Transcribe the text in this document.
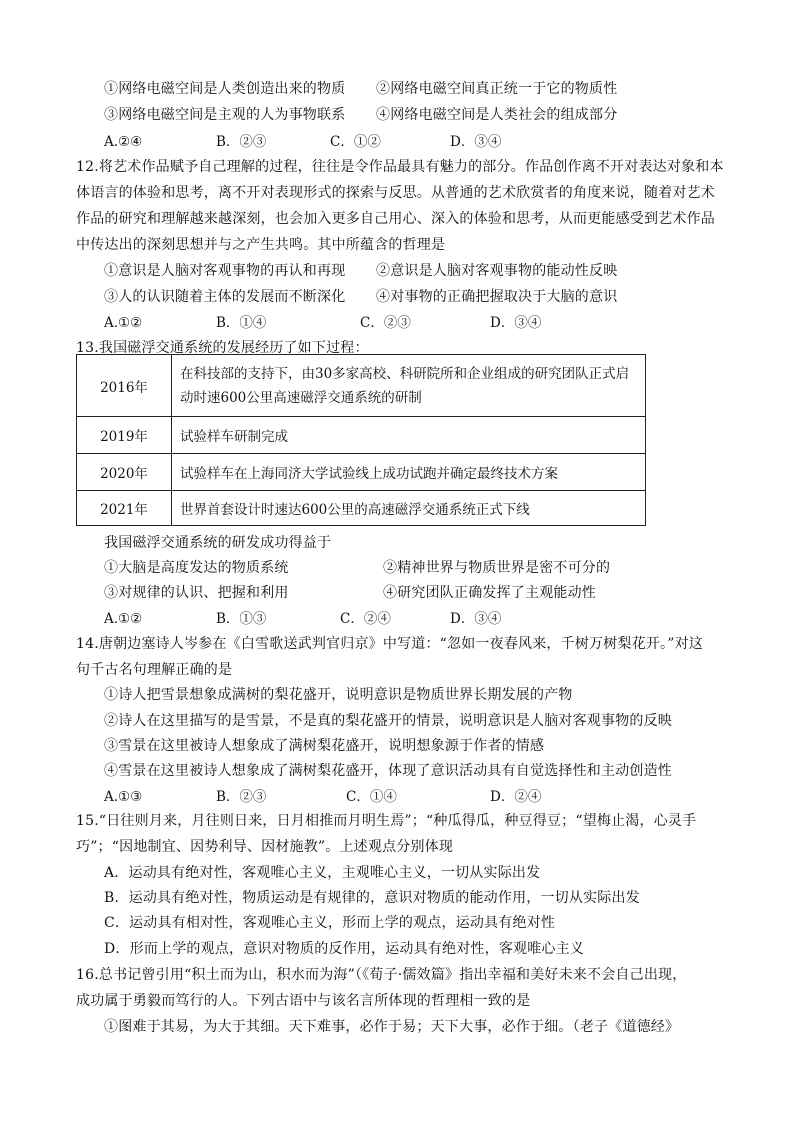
①网络电磁空间是人类创造出来的物质 ②网络电磁空间真正统一于它的物质性
③网络电磁空间是主观的人为事物联系 ④网络电磁空间是人类社会的组成部分
A.②④	B．②③	C．①②	D．③④
12.将艺术作品赋予自己理解的过程，往往是令作品最具有魅力的部分。作品创作离不开对表达对象和本
体语言的体验和思考，离不开对表现形式的探索与反思。从普通的艺术欣赏者的角度来说，随着对艺术
作品的研究和理解越来越深刻，也会加入更多自己用心、深入的体验和思考，从而更能感受到艺术作品
中传达出的深刻思想并与之产生共鸣。其中所蕴含的哲理是
①意识是人脑对客观事物的再认和再现 ②意识是人脑对客观事物的能动性反映
③人的认识随着主体的发展而不断深化 ④对事物的正确把握取决于大脑的意识
A.①②	B．①④	C．②③	D．③④
13.我国磁浮交通系统的发展经历了如下过程：
2016年	在科技部的支持下，由30多家高校、科研院所和企业组成的研究团队正式启
动时速600公里高速磁浮交通系统的研制

2019年	试验样车研制完成
2020年	试验样车在上海同济大学试验线上成功试跑并确定最终技术方案
2021年	世界首套设计时速达600公里的高速磁浮交通系统正式下线
我国磁浮交通系统的研发成功得益于
①大脑是高度发达的物质系统	②精神世界与物质世界是密不可分的
③对规律的认识、把握和利用	④研究团队正确发挥了主观能动性
A.①②	B．①③	C．②④	D．③④
14.唐朝边塞诗人岑参在《白雪歌送武判官归京》中写道：“忽如一夜春风来，千树万树梨花开。”对这
句千古名句理解正确的是
①诗人把雪景想象成满树的梨花盛开，说明意识是物质世界长期发展的产物
②诗人在这里描写的是雪景，不是真的梨花盛开的情景，说明意识是人脑对客观事物的反映
③雪景在这里被诗人想象成了满树梨花盛开，说明想象源于作者的情感
④雪景在这里被诗人想象成了满树梨花盛开，体现了意识活动具有自觉选择性和主动创造性
A.①③	B．②③	C．①④	D．②④
15.“日往则月来，月往则日来，日月相推而月明生焉”；“种瓜得瓜，种豆得豆；“望梅止渴，心灵手
巧”；“因地制宜、因势利导、因材施教”。上述观点分别体现
A．运动具有绝对性，客观唯心主义，主观唯心主义，一切从实际出发
B．运动具有绝对性，物质运动是有规律的，意识对物质的能动作用，一切从实际出发
C．运动具有相对性，客观唯心主义，形而上学的观点，运动具有绝对性
D．形而上学的观点，意识对物质的反作用，运动具有绝对性，客观唯心主义
16.总书记曾引用“积土而为山，积水而为海”（《荀子·儒效篇》指出幸福和美好未来不会自己出现，
成功属于勇毅而笃行的人。下列古语中与该名言所体现的哲理相一致的是
①图难于其易，为大于其细。天下难事，必作于易；天下大事，必作于细。（老子《道德经》
